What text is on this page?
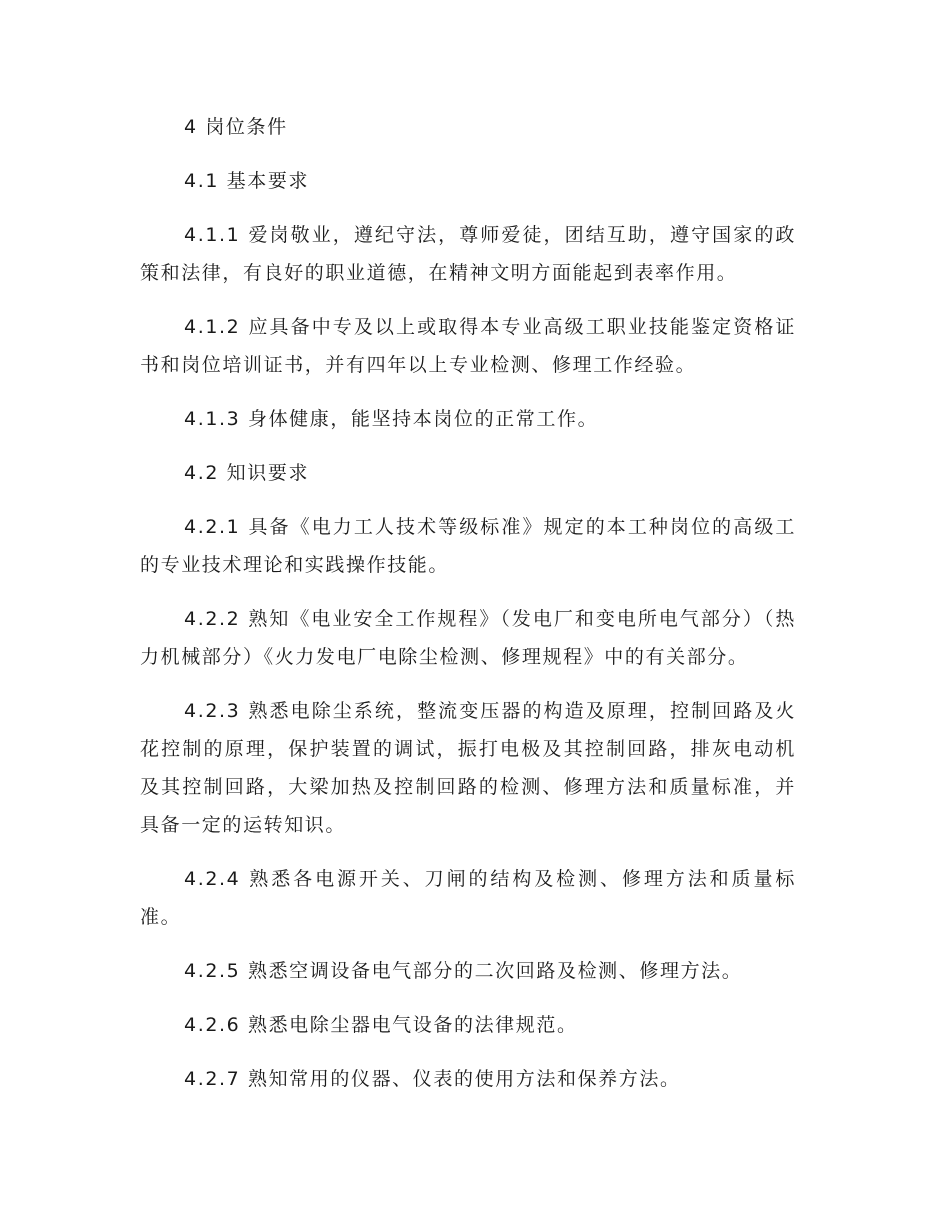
4 岗位条件

4.1 基本要求

4.1.1 爱岗敬业，遵纪守法，尊师爱徒，团结互助，遵守国家的政策和法律，有良好的职业道德，在精神文明方面能起到表率作用。

4.1.2 应具备中专及以上或取得本专业高级工职业技能鉴定资格证书和岗位培训证书，并有四年以上专业检测、修理工作经验。

4.1.3 身体健康，能坚持本岗位的正常工作。

4.2 知识要求

4.2.1 具备《电力工人技术等级标准》规定的本工种岗位的高级工的专业技术理论和实践操作技能。

4.2.2 熟知《电业安全工作规程》（发电厂和变电所电气部分）（热力机械部分）《火力发电厂电除尘检测、修理规程》中的有关部分。

4.2.3 熟悉电除尘系统，整流变压器的构造及原理，控制回路及火花控制的原理，保护装置的调试，振打电极及其控制回路，排灰电动机及其控制回路，大梁加热及控制回路的检测、修理方法和质量标准，并具备一定的运转知识。

4.2.4 熟悉各电源开关、刀闸的结构及检测、修理方法和质量标准。

4.2.5 熟悉空调设备电气部分的二次回路及检测、修理方法。

4.2.6 熟悉电除尘器电气设备的法律规范。

4.2.7 熟知常用的仪器、仪表的使用方法和保养方法。
